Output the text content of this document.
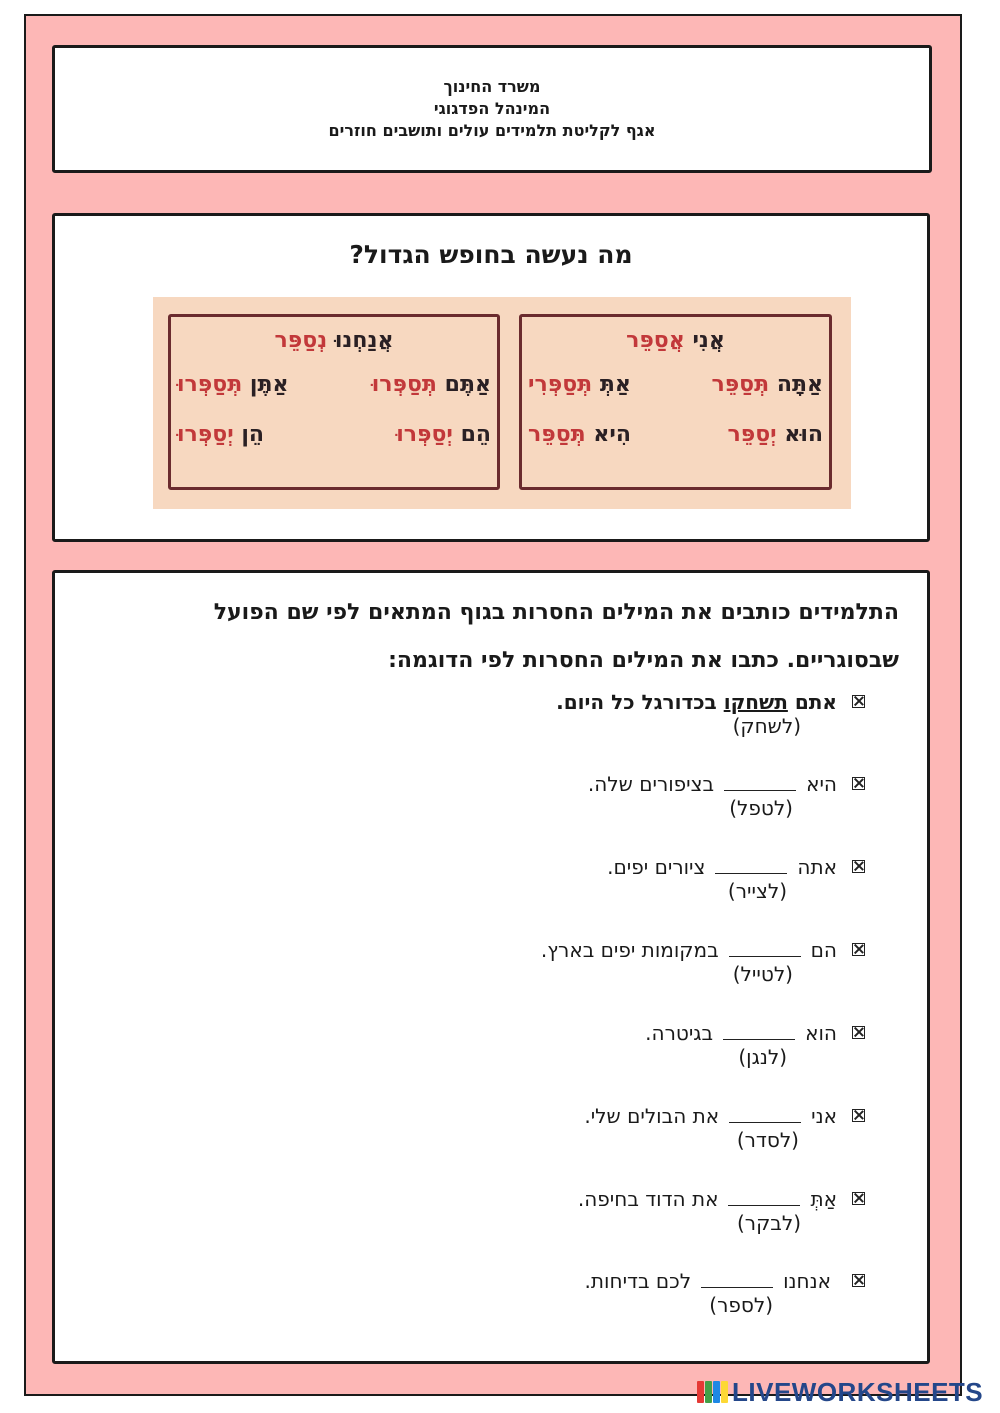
משרד החינוך
המינהל הפדגוגי
אגף לקליטת תלמידים עולים ותושבים חוזרים
מה נעשה בחופש הגדול?
אֲנִי אֲסַפֵּר
אַתָּה תְּסַפֵּר
אַתְּ תְּסַפְּרִי
הוּא יְסַפֵּר
הִיא תְּסַפֵּר
אֲנַחְנוּ נְסַפֵּר
אַתֶּם תְּסַפְּרוּ
אַתֶּן תְּסַפְּרוּ
הֵם יְסַפְּרוּ
הֵן יְסַפְּרוּ
התלמידים כותבים את המילים החסרות בגוף המתאים לפי שם הפועל
שבסוגריים. כתבו את המילים החסרות לפי הדוגמה:
אתם תשחקו בכדורגל כל היום.
(לשחק)
היאבציפורים שלה.
(לטפל)
אתהציורים יפים.
(לצייר)
הםבמקומות יפים בארץ.
(לטייל)
הואבגיטרה.
(לנגן)
אניאת הבולים שלי.
(לסדר)
אַתְּאת הדוד בחיפה.
(לבקר)
אנחנולכם בדיחות.
(לספר)
LIVEWORKSHEETS
